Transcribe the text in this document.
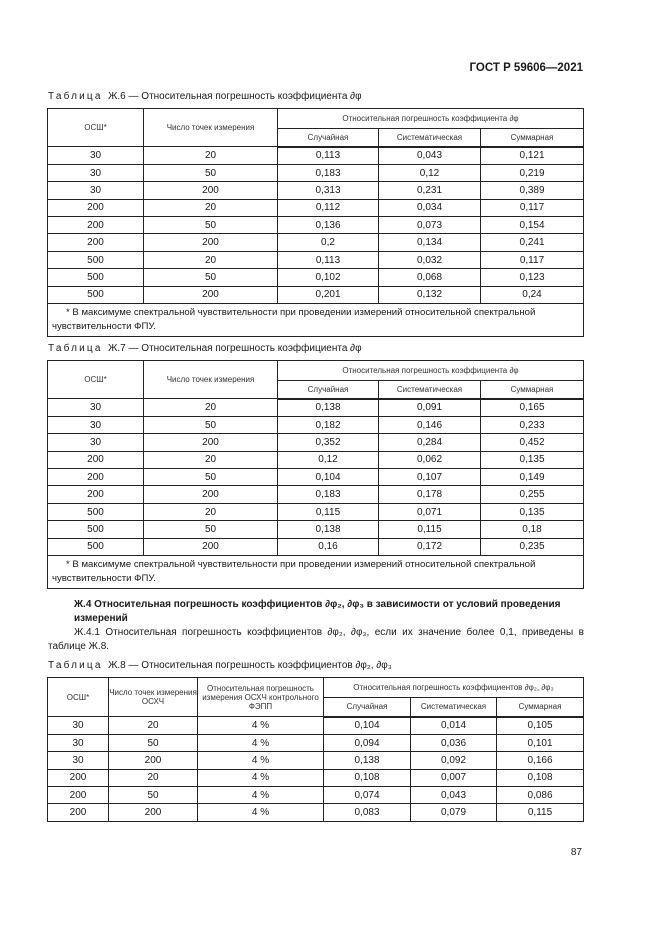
ГОСТ Р 59606—2021
Таблица Ж.6 — Относительная погрешность коэффициента ∂φ
ОСШ*	Число точек измерения	Относительная погрешность коэффициента ∂φ		
		Случайная	Систематическая	Суммарная
30	20	0,113	0,043	0,121
30	50	0,183	0,12	0,219
30	200	0,313	0,231	0,389
200	20	0,112	0,034	0,117
200	50	0,136	0,073	0,154
200	200	0,2	0,134	0,241
500	20	0,113	0,032	0,117
500	50	0,102	0,068	0,123
500	200	0,201	0,132	0,24
* В максимуме спектральной чувствительности при проведении измерений относительной спектральной чувствительности ФПУ.				
Таблица Ж.7 — Относительная погрешность коэффициента ∂φ
ОСШ*	Число точек измерения	Относительная погрешность коэффициента ∂φ		
		Случайная	Систематическая	Суммарная
30	20	0,138	0,091	0,165
30	50	0,182	0,146	0,233
30	200	0,352	0,284	0,452
200	20	0,12	0,062	0,135
200	50	0,104	0,107	0,149
200	200	0,183	0,178	0,255
500	20	0,115	0,071	0,135
500	50	0,138	0,115	0,18
500	200	0,16	0,172	0,235
* В максимуме спектральной чувствительности при проведении измерений относительной спектральной чувствительности ФПУ.				
Ж.4 Относительная погрешность коэффициентов ∂φ₂, ∂φ₃ в зависимости от условий проведения измерений
Ж.4.1 Относительная погрешность коэффициентов ∂φ₂, ∂φ₃, если их значение более 0,1, приведены в таблице Ж.8.
Таблица Ж.8 — Относительная погрешность коэффициентов ∂φ₂, ∂φ₃
ОСШ*	Число точек измерения ОСХЧ	Относительная погрешность измерения ОСХЧ контрольного ФЭПП	Относительная погрешность коэффициентов ∂φ₂, ∂φ₃		
			Случайная	Систематическая	Суммарная
30	20	4 %	0,104	0,014	0,105
30	50	4 %	0,094	0,036	0,101
30	200	4 %	0,138	0,092	0,166
200	20	4 %	0,108	0,007	0,108
200	50	4 %	0,074	0,043	0,086
200	200	4 %	0,083	0,079	0,115
87
